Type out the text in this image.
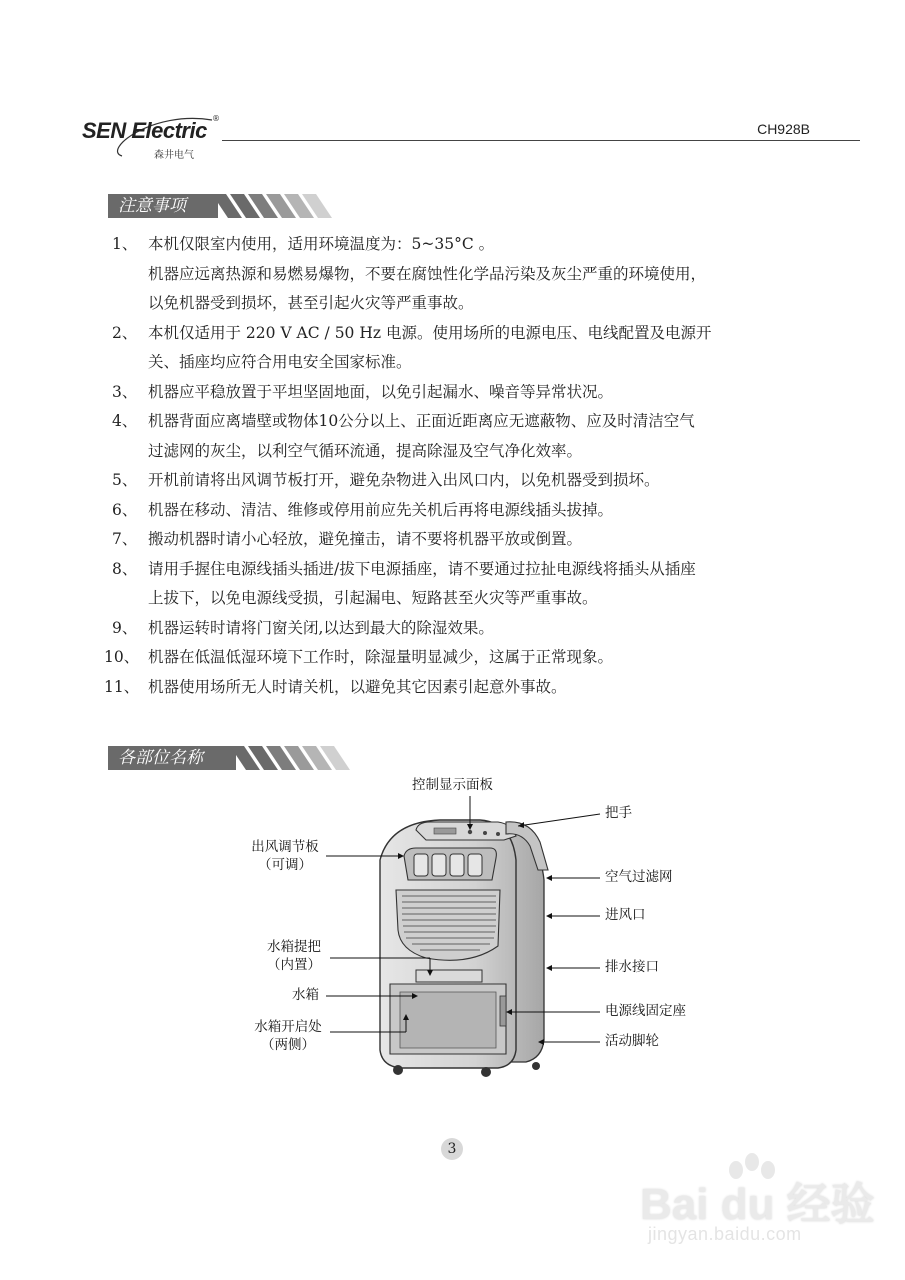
SEN Electric ®
森井电气
CH928B
注意事项
1、 本机仅限室内使用，适用环境温度为：5~35°C 。
机器应远离热源和易燃易爆物，不要在腐蚀性化学品污染及灰尘严重的环境使用，
以免机器受到损坏，甚至引起火灾等严重事故。
2、 本机仅适用于 220 V AC / 50 Hz 电源。使用场所的电源电压、电线配置及电源开
关、插座均应符合用电安全国家标准。
3、 机器应平稳放置于平坦坚固地面，以免引起漏水、噪音等异常状况。
4、 机器背面应离墙壁或物体10公分以上、正面近距离应无遮蔽物、应及时清洁空气
过滤网的灰尘，以利空气循环流通，提高除湿及空气净化效率。
5、 开机前请将出风调节板打开，避免杂物进入出风口内，以免机器受到损坏。
6、 机器在移动、清洁、维修或停用前应先关机后再将电源线插头拔掉。
7、 搬动机器时请小心轻放，避免撞击，请不要将机器平放或倒置。
8、 请用手握住电源线插头插进/拔下电源插座，请不要通过拉扯电源线将插头从插座
上拔下，以免电源线受损，引起漏电、短路甚至火灾等严重事故。
9、 机器运转时请将门窗关闭,以达到最大的除湿效果。
10、 机器在低温低湿环境下工作时，除湿量明显减少，这属于正常现象。
11、 机器使用场所无人时请关机，以避免其它因素引起意外事故。
各部位名称
控制显示面板
把手
出风调节板
（可调）
空气过滤网
进风口
水箱提把
（内置）	排水接口
水箱
电源线固定座
水箱开启处
（两侧）	活动脚轮
3
Bai du 经验
jingyan.baidu.com
